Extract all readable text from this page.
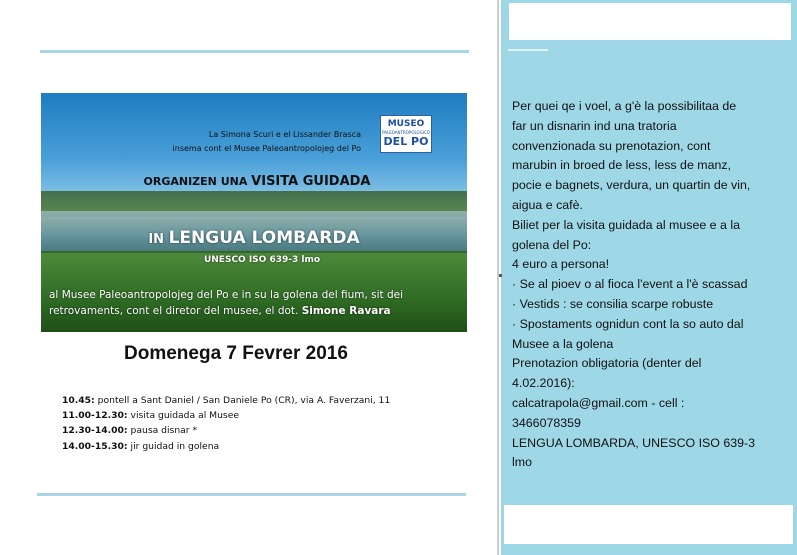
La Simona Scuri e el Lissander Brasca
insema cont el Musee Paleoantropolojeg del Po
MUSEO
PALEOANTROPOLOGICO
DEL PO
ORGANIZEN UNA VISITA GUIDADA
IN LENGUA LOMBARDA
UNESCO ISO 639-3 lmo
al Musee Paleoantropolojeg del Po e in su la golena del fium, sit dei
retrovaments, cont el diretor del musee, el dot. Simone Ravara
Domenega 7 Fevrer 2016
10.45: pontell a Sant Daniel / San Daniele Po (CR), via A. Faverzani, 11
11.00-12.30: visita guidada al Musee
12.30-14.00: pausa disnar *
14.00-15.30: jir guidad in golena
Per quei qe i voel, a g'è la possibilitaa de
far un disnarin ind una tratoria
convenzionada su prenotazion, cont
marubin in broed de less, less de manz,
pocie e bagnets, verdura, un quartin de vin,
aigua e cafè.
Biliet per la visita guidada al musee e a la
golena del Po:
4 euro a persona!
· Se al pioev o al fioca l'event a l'è scassad
· Vestids : se consilia scarpe robuste
· Spostaments ognidun cont la so auto dal
Musee a la golena
Prenotazion obligatoria (denter del
4.02.2016):
calcatrapola@gmail.com - cell :
3466078359
LENGUA LOMBARDA, UNESCO ISO 639-3
lmo
